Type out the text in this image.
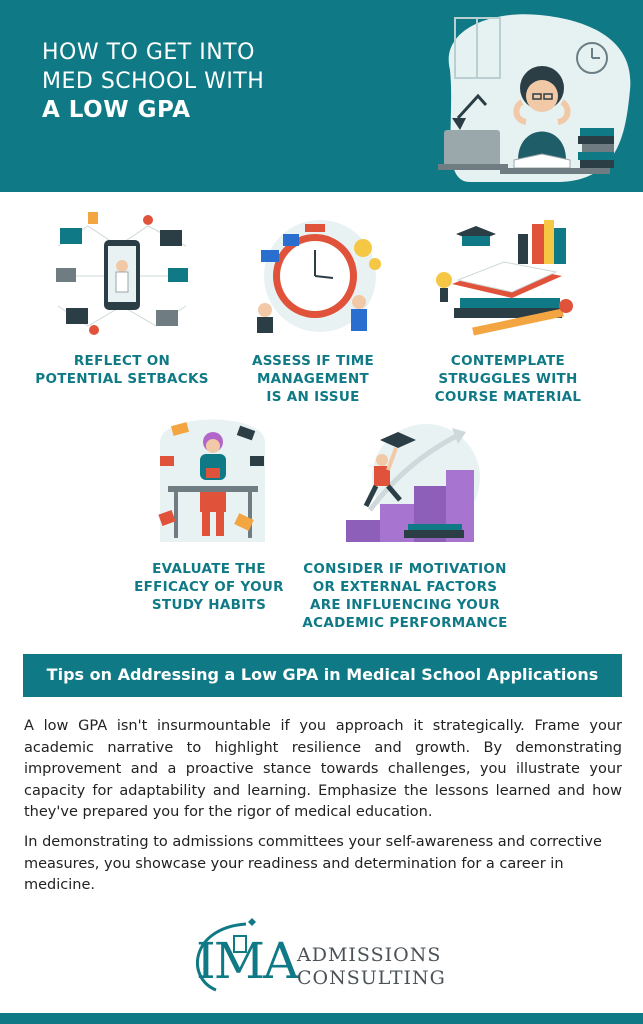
HOW TO GET INTO
MED SCHOOL WITH
A LOW GPA
REFLECT ON
POTENTIAL SETBACKS
ASSESS IF TIME
MANAGEMENT
IS AN ISSUE
CONTEMPLATE
STRUGGLES WITH
COURSE MATERIAL
EVALUATE THE
EFFICACY OF YOUR
STUDY HABITS
CONSIDER IF MOTIVATION
OR EXTERNAL FACTORS
ARE INFLUENCING YOUR
ACADEMIC PERFORMANCE
Tips on Addressing a Low GPA in Medical School Applications

A low GPA isn't insurmountable if you approach it strategically. Frame your academic narrative to highlight resilience and growth. By demonstrating improvement and a proactive stance towards challenges, you illustrate your capacity for adaptability and learning. Emphasize the lessons learned and how they've prepared you for the rigor of medical education.

In demonstrating to admissions committees your self-awareness and corrective measures, you showcase your readiness and determination for a career in medicine.

IMA ADMISSIONS
CONSULTING
